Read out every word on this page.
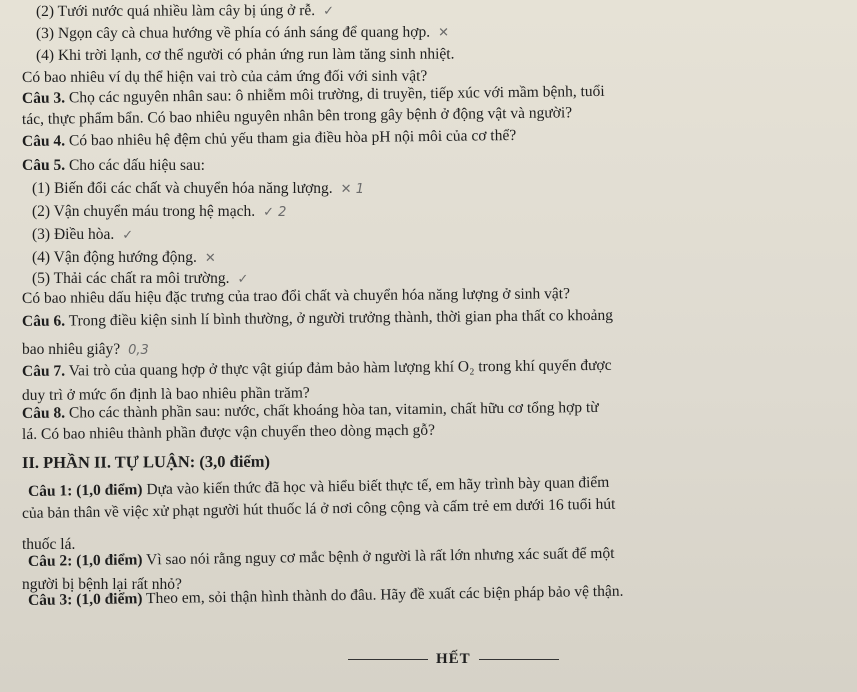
(2) Tưới nước quá nhiều làm cây bị úng ở rễ. ✓
(3) Ngọn cây cà chua hướng về phía có ánh sáng để quang hợp. ✕
(4) Khi trời lạnh, cơ thể người có phản ứng run làm tăng sinh nhiệt.
Có bao nhiêu ví dụ thể hiện vai trò của cảm ứng đối với sinh vật?
Câu 3. Chọ các nguyên nhân sau: ô nhiễm môi trường, di truyền, tiếp xúc với mầm bệnh, tuổi
tác, thực phẩm bẩn. Có bao nhiêu nguyên nhân bên trong gây bệnh ở động vật và người?
Câu 4. Có bao nhiêu hệ đệm chủ yếu tham gia điều hòa pH nội môi của cơ thể?
Câu 5. Cho các dấu hiệu sau:
(1) Biến đổi các chất và chuyển hóa năng lượng. ✕ 1
(2) Vận chuyển máu trong hệ mạch. ✓ 2
(3) Điều hòa. ✓
(4) Vận động hướng động. ✕
(5) Thải các chất ra môi trường. ✓
Có bao nhiêu dấu hiệu đặc trưng của trao đổi chất và chuyển hóa năng lượng ở sinh vật?
Câu 6. Trong điều kiện sinh lí bình thường, ở người trưởng thành, thời gian pha thất co khoảng
bao nhiêu giây? 0,3
Câu 7. Vai trò của quang hợp ở thực vật giúp đảm bảo hàm lượng khí O₂ trong khí quyển được
duy trì ở mức ổn định là bao nhiêu phần trăm?
Câu 8. Cho các thành phần sau: nước, chất khoáng hòa tan, vitamin, chất hữu cơ tổng hợp từ
lá. Có bao nhiêu thành phần được vận chuyển theo dòng mạch gỗ?
II. PHẦN II. TỰ LUẬN: (3,0 điểm)
Câu 1: (1,0 điểm) Dựa vào kiến thức đã học và hiểu biết thực tế, em hãy trình bày quan điểm
của bản thân về việc xử phạt người hút thuốc lá ở nơi công cộng và cấm trẻ em dưới 16 tuổi hút
thuốc lá.
Câu 2: (1,0 điểm) Vì sao nói rằng nguy cơ mắc bệnh ở người là rất lớn nhưng xác suất để một
người bị bệnh lại rất nhỏ?
Câu 3: (1,0 điểm) Theo em, sỏi thận hình thành do đâu. Hãy đề xuất các biện pháp bảo vệ thận.
HẾT
